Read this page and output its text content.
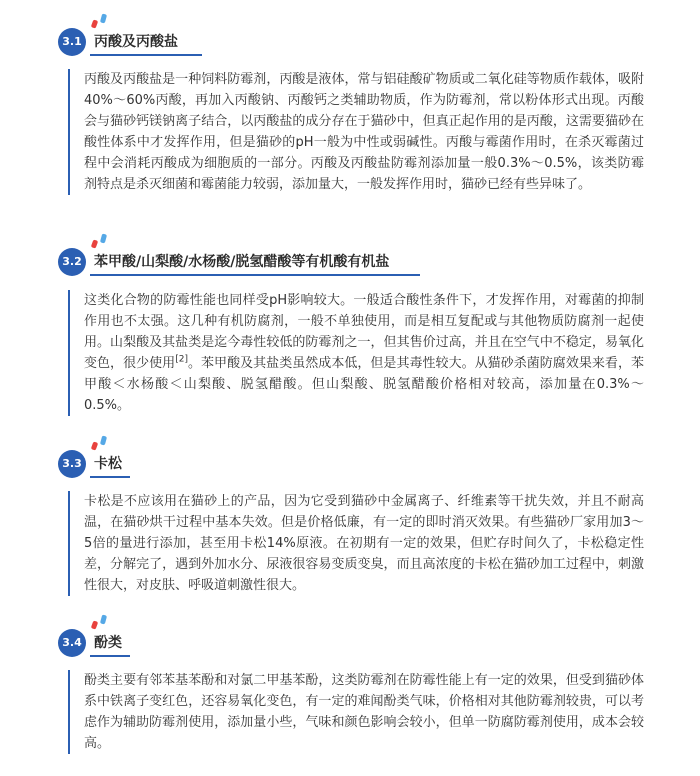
3.1 丙酸及丙酸盐
丙酸及丙酸盐是一种饲料防霉剂，丙酸是液体，常与铝硅酸矿物质或二氧化硅等物质作载体，吸附40%～60%丙酸，再加入丙酸钠、丙酸钙之类辅助物质，作为防霉剂，常以粉体形式出现。丙酸会与猫砂钙镁钠离子结合，以丙酸盐的成分存在于猫砂中，但真正起作用的是丙酸，这需要猫砂在酸性体系中才发挥作用，但是猫砂的pH一般为中性或弱碱性。丙酸与霉菌作用时，在杀灭霉菌过程中会消耗丙酸成为细胞质的一部分。丙酸及丙酸盐防霉剂添加量一般0.3%～0.5%，该类防霉剂特点是杀灭细菌和霉菌能力较弱，添加量大，一般发挥作用时，猫砂已经有些异味了。
3.2 苯甲酸/山梨酸/水杨酸/脱氢醋酸等有机酸有机盐
这类化合物的防霉性能也同样受pH影响较大。一般适合酸性条件下，才发挥作用，对霉菌的抑制作用也不太强。这几种有机防腐剂，一般不单独使用，而是相互复配或与其他物质防腐剂一起使用。山梨酸及其盐类是迄今毒性较低的防霉剂之一，但其售价过高，并且在空气中不稳定，易氧化变色，很少使用[2]。苯甲酸及其盐类虽然成本低，但是其毒性较大。从猫砂杀菌防腐效果来看，苯甲酸＜水杨酸＜山梨酸、脱氢醋酸。但山梨酸、脱氢醋酸价格相对较高，添加量在0.3%～0.5%。
3.3 卡松
卡松是不应该用在猫砂上的产品，因为它受到猫砂中金属离子、纤维素等干扰失效，并且不耐高温，在猫砂烘干过程中基本失效。但是价格低廉，有一定的即时消灭效果。有些猫砂厂家用加3～5倍的量进行添加，甚至用卡松14%原液。在初期有一定的效果，但贮存时间久了，卡松稳定性差，分解完了，遇到外加水分、尿液很容易变质变臭，而且高浓度的卡松在猫砂加工过程中，刺激性很大，对皮肤、呼吸道刺激性很大。
3.4 酚类
酚类主要有邻苯基苯酚和对氯二甲基苯酚，这类防霉剂在防霉性能上有一定的效果，但受到猫砂体系中铁离子变红色，还容易氧化变色，有一定的难闻酚类气味，价格相对其他防霉剂较贵，可以考虑作为辅助防霉剂使用，添加量小些，气味和颜色影响会较小，但单一防腐防霉剂使用，成本会较高。
